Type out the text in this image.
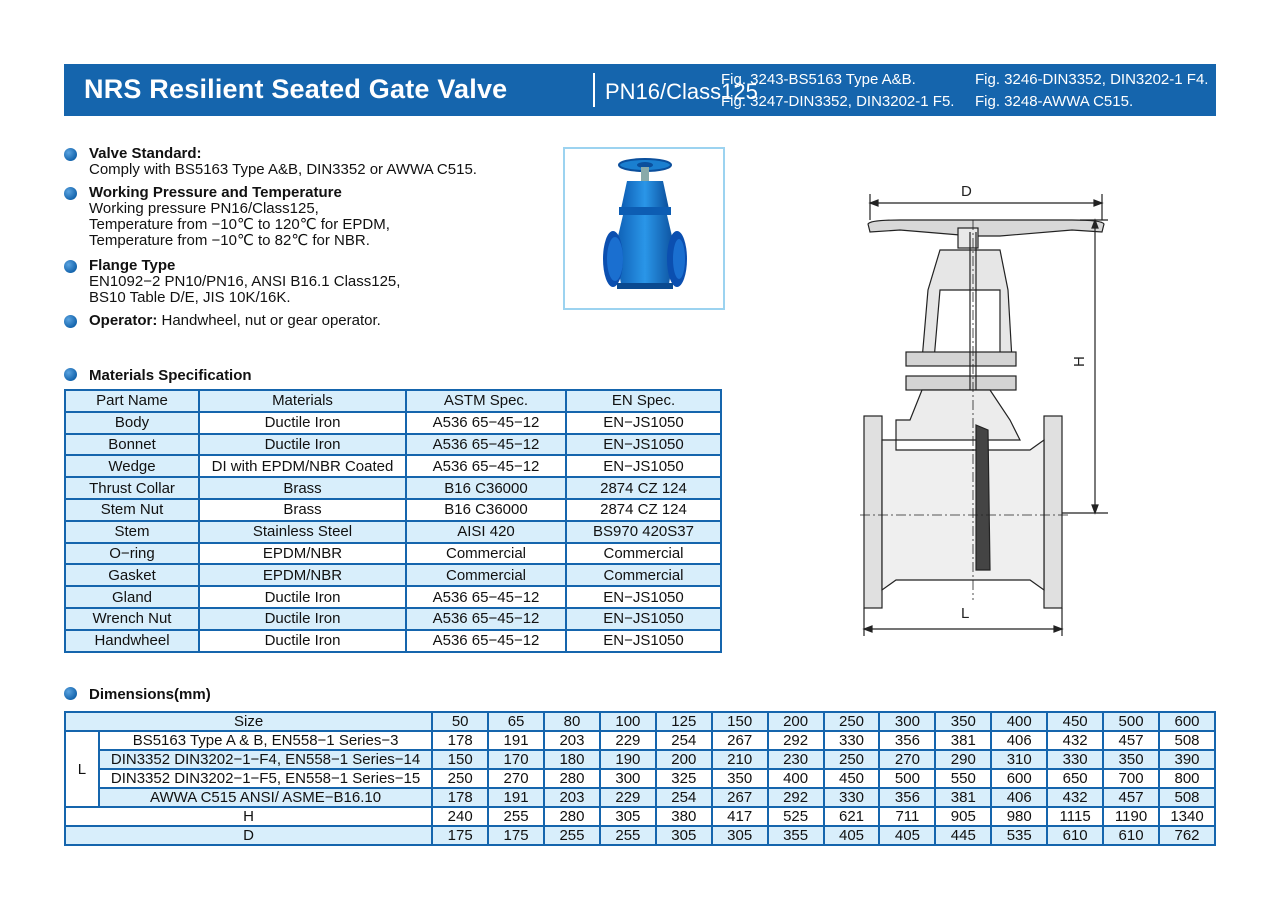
NRS Resilient Seated Gate Valve	PN16/Class125
Fig. 3243-BS5163 Type A&B.	Fig. 3246-DIN3352, DIN3202-1 F4.
Fig. 3247-DIN3352, DIN3202-1 F5. Fig. 3248-AWWA C515.
Valve Standard:
Comply with BS5163 Type A&B, DIN3352 or AWWA C515.
Working Pressure and Temperature
Working pressure PN16/Class125,
Temperature from −10℃ to 120℃ for EPDM,
Temperature from −10℃ to 82℃ for NBR.
Flange Type
EN1092−2 PN10/PN16, ANSI B16.1 Class125,
BS10 Table D/E, JIS 10K/16K.
Operator: Handwheel, nut or gear operator.
Materials Specification
Part Name	Materials	ASTM Spec.	EN Spec.
Body	Ductile Iron	A536 65−45−12	EN−JS1050
Bonnet	Ductile Iron	A536 65−45−12	EN−JS1050
Wedge	DI with EPDM/NBR Coated	A536 65−45−12	EN−JS1050
Thrust Collar	Brass	B16 C36000	2874 CZ 124
Stem Nut	Brass	B16 C36000	2874 CZ 124
Stem	Stainless Steel	AISI 420	BS970 420S37
O−ring	EPDM/NBR	Commercial	Commercial
Gasket	EPDM/NBR	Commercial	Commercial
Gland	Ductile Iron	A536 65−45−12	EN−JS1050
Wrench Nut	Ductile Iron	A536 65−45−12	EN−JS1050
Handwheel	Ductile Iron	A536 65−45−12	EN−JS1050
Dimensions(mm)
Size		50	65	80	100	125	150	200	250	300	350	400	450	500	600
L	BS5163 Type A & B, EN558−1 Series−3	178	191	203	229	254	267	292	330	356	381	406	432	457	508
	DIN3352 DIN3202−1−F4, EN558−1 Series−14	150	170	180	190	200	210	230	250	270	290	310	330	350	390
	DIN3352 DIN3202−1−F5, EN558−1 Series−15	250	270	280	300	325	350	400	450	500	550	600	650	700	800
	AWWA C515 ANSI/ ASME−B16.10	178	191	203	229	254	267	292	330	356	381	406	432	457	508
H		240	255	280	305	380	417	525	621	711	905	980	1115	1190	1340
D		175	175	255	255	305	305	355	405	405	445	535	610	610	762
D
H
L
